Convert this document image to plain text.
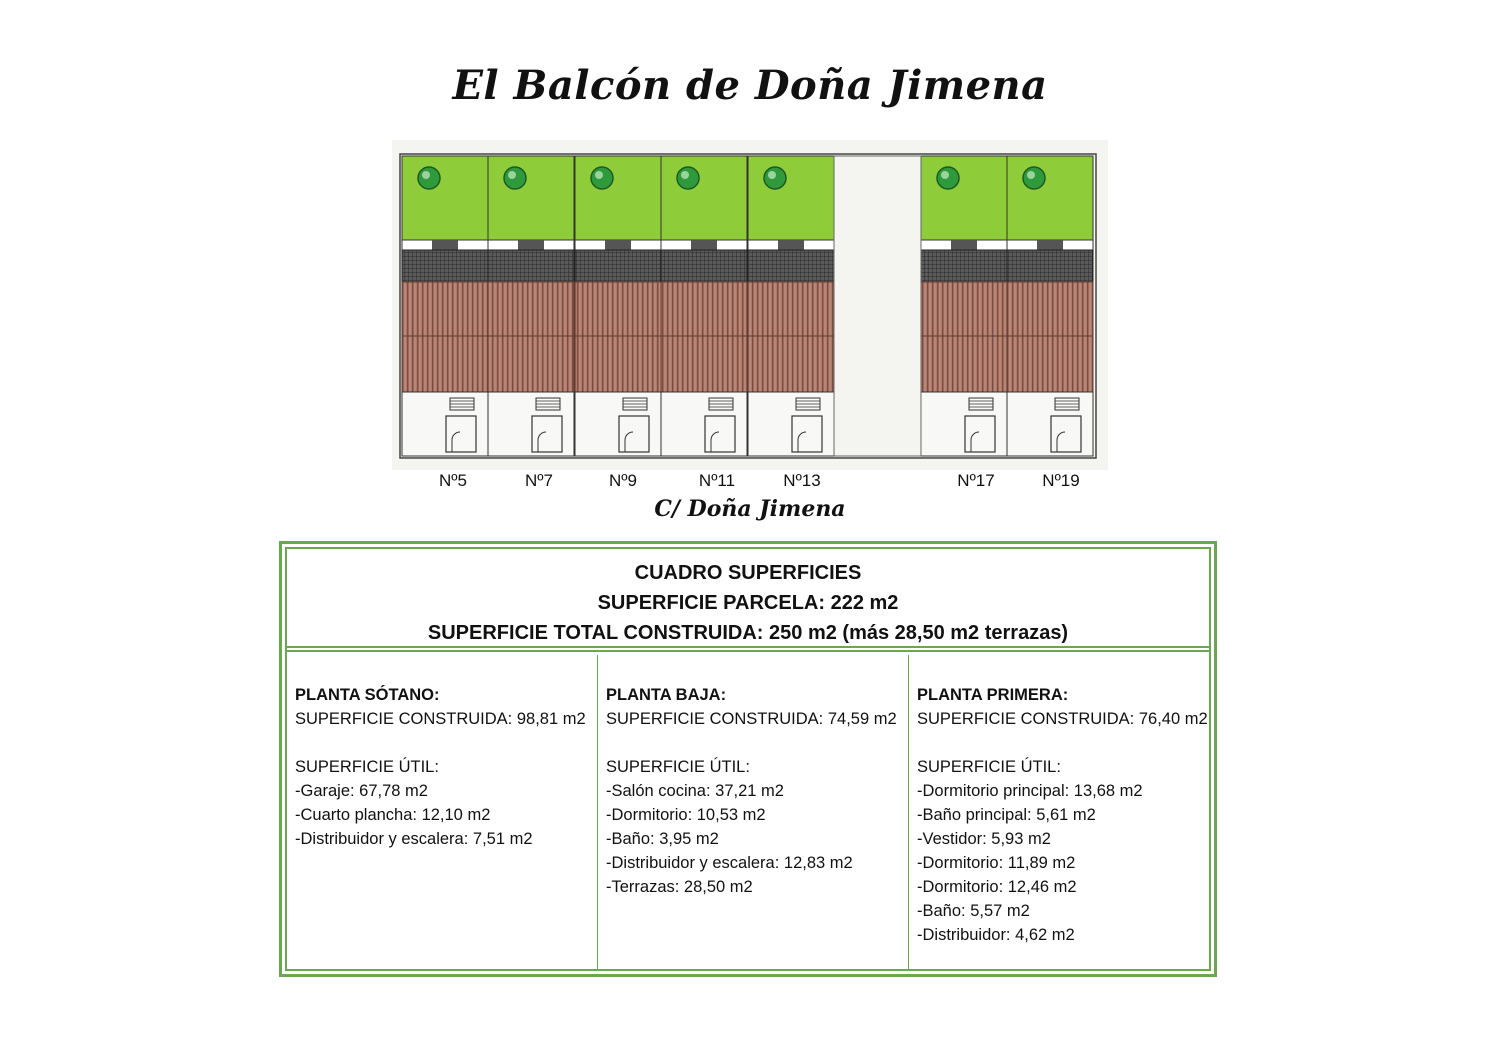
El Balcón de Doña Jimena
Nº5	Nº7	Nº9	Nº11	Nº13	Nº17	Nº19
C/ Doña Jimena
CUADRO SUPERFICIES
SUPERFICIE PARCELA: 222 m2
SUPERFICIE TOTAL CONSTRUIDA: 250 m2 (más 28,50 m2 terrazas)
PLANTA SÓTANO:
SUPERFICIE CONSTRUIDA: 98,81 m2
SUPERFICIE ÚTIL:
-Garaje: 67,78 m2
-Cuarto plancha: 12,10 m2
-Distribuidor y escalera: 7,51 m2
PLANTA BAJA:
SUPERFICIE CONSTRUIDA: 74,59 m2
SUPERFICIE ÚTIL:
-Salón cocina: 37,21 m2
-Dormitorio: 10,53 m2
-Baño: 3,95 m2
-Distribuidor y escalera: 12,83 m2
-Terrazas: 28,50 m2
PLANTA PRIMERA:
SUPERFICIE CONSTRUIDA: 76,40 m2
SUPERFICIE ÚTIL:
-Dormitorio principal: 13,68 m2
-Baño principal: 5,61 m2
-Vestidor: 5,93 m2
-Dormitorio: 11,89 m2
-Dormitorio: 12,46 m2
-Baño: 5,57 m2
-Distribuidor: 4,62 m2
